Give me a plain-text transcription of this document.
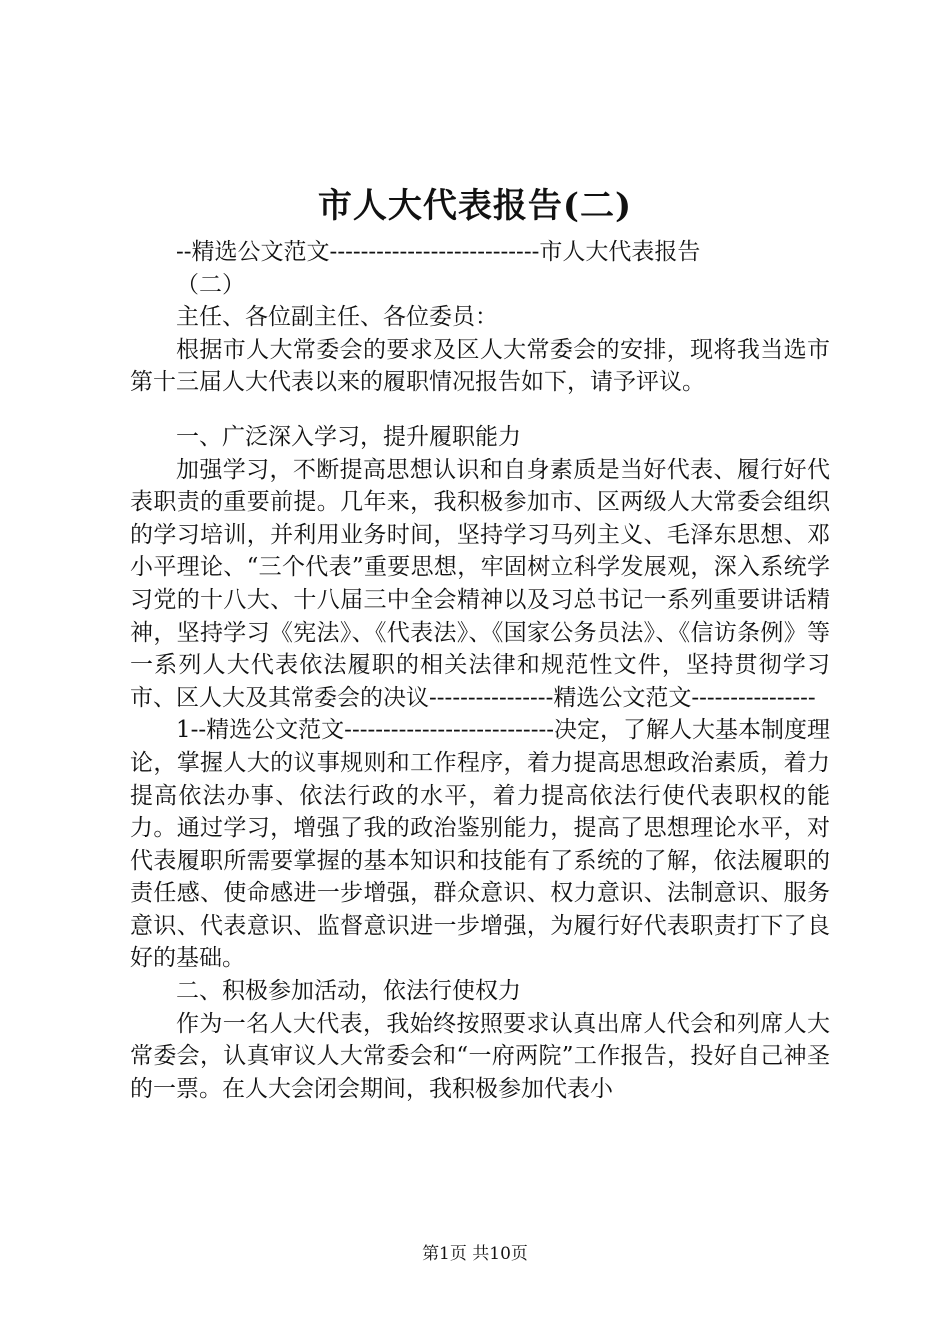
市人大代表报告(二)

--精选公文范文---------------------------市人大代表报告

（二）

主任、各位副主任、各位委员：

根据市人大常委会的要求及区人大常委会的安排，现将我当选市第十三届人大代表以来的履职情况报告如下，请予评议。

一、广泛深入学习，提升履职能力

加强学习，不断提高思想认识和自身素质是当好代表、履行好代表职责的重要前提。几年来，我积极参加市、区两级人大常委会组织的学习培训，并利用业务时间，坚持学习马列主义、毛泽东思想、邓小平理论、“三个代表”重要思想，牢固树立科学发展观，深入系统学习党的十八大、十八届三中全会精神以及习总书记一系列重要讲话精神，坚持学习《宪法》、《代表法》、《国家公务员法》、《信访条例》等一系列人大代表依法履职的相关法律和规范性文件，坚持贯彻学习市、区人大及其常委会的决议----------------精选公文范文----------------

1--精选公文范文---------------------------决定，了解人大基本制度理论，掌握人大的议事规则和工作程序，着力提高思想政治素质，着力提高依法办事、依法行政的水平，着力提高依法行使代表职权的能力。通过学习，增强了我的政治鉴别能力，提高了思想理论水平，对代表履职所需要掌握的基本知识和技能有了系统的了解，依法履职的责任感、使命感进一步增强，群众意识、权力意识、法制意识、服务意识、代表意识、监督意识进一步增强，为履行好代表职责打下了良好的基础。

二、积极参加活动，依法行使权力

作为一名人大代表，我始终按照要求认真出席人代会和列席人大常委会，认真审议人大常委会和“一府两院”工作报告，投好自己神圣的一票。在人大会闭会期间，我积极参加代表小

第1页 共10页
